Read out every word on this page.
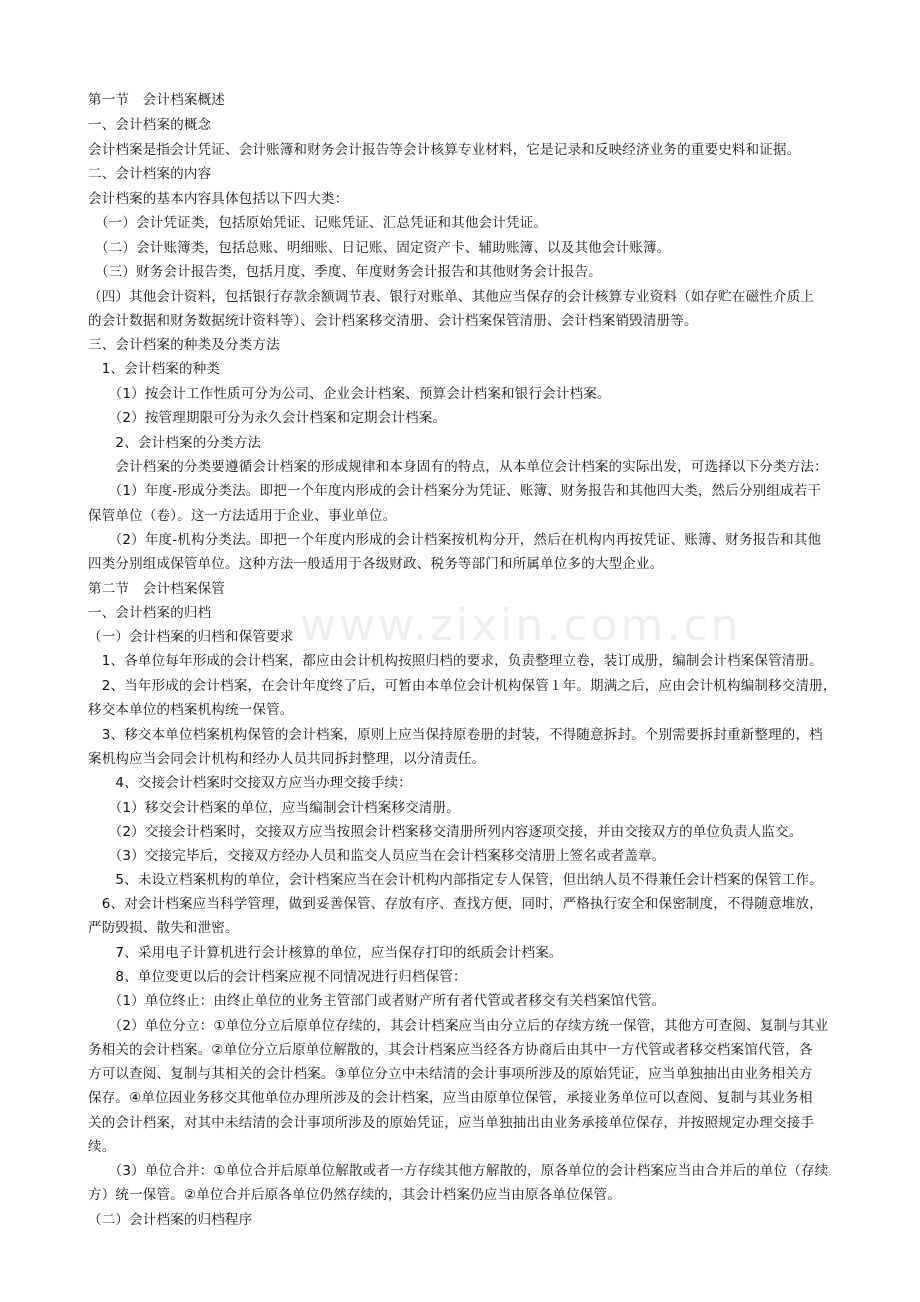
www.zixin.com.cn
第一节　会计档案概述
一、会计档案的概念
会计档案是指会计凭证、会计账簿和财务会计报告等会计核算专业材料，它是记录和反映经济业务的重要史料和证据。
二、会计档案的内容
会计档案的基本内容具体包括以下四大类：
　（一）会计凭证类，包括原始凭证、记账凭证、汇总凭证和其他会计凭证。
　（二）会计账簿类，包括总账、明细账、日记账、固定资产卡、辅助账簿、以及其他会计账簿。
　（三）财务会计报告类，包括月度、季度、年度财务会计报告和其他财务会计报告。
（四）其他会计资料，包括银行存款余额调节表、银行对账单、其他应当保存的会计核算专业资料（如存贮在磁性介质上
的会计数据和财务数据统计资料等）、会计档案移交清册、会计档案保管清册、会计档案销毁清册等。
三、会计档案的种类及分类方法
　1、会计档案的种类
　　（1）按会计工作性质可分为公司、企业会计档案、预算会计档案和银行会计档案。
　　（2）按管理期限可分为永久会计档案和定期会计档案。
　　2、会计档案的分类方法
　　会计档案的分类要遵循会计档案的形成规律和本身固有的特点，从本单位会计档案的实际出发，可选择以下分类方法：
　　（1）年度-形成分类法。即把一个年度内形成的会计档案分为凭证、账簿、财务报告和其他四大类，然后分别组成若干
保管单位（卷）。这一方法适用于企业、事业单位。
　　（2）年度-机构分类法。即把一个年度内形成的会计档案按机构分开，然后在机构内再按凭证、账簿、财务报告和其他
四类分别组成保管单位。这种方法一般适用于各级财政、税务等部门和所属单位多的大型企业。
第二节　会计档案保管
一、会计档案的归档
（一）会计档案的归档和保管要求
　1、各单位每年形成的会计档案，都应由会计机构按照归档的要求，负责整理立卷，装订成册，编制会计档案保管清册。
　2、当年形成的会计档案，在会计年度终了后，可暂由本单位会计机构保管１年。期满之后，应由会计机构编制移交清册，
移交本单位的档案机构统一保管。
　3、移交本单位档案机构保管的会计档案，原则上应当保持原卷册的封装，不得随意拆封。个别需要拆封重新整理的，档
案机构应当会同会计机构和经办人员共同拆封整理，以分清责任。
　　4、交接会计档案时交接双方应当办理交接手续：
　　（1）移交会计档案的单位，应当编制会计档案移交清册。
　　（2）交接会计档案时，交接双方应当按照会计档案移交清册所列内容逐项交接，并由交接双方的单位负责人监交。
　　（3）交接完毕后，交接双方经办人员和监交人员应当在会计档案移交清册上签名或者盖章。
　　5、未设立档案机构的单位，会计档案应当在会计机构内部指定专人保管，但出纳人员不得兼任会计档案的保管工作。
　6、对会计档案应当科学管理，做到妥善保管、存放有序、查找方便，同时，严格执行安全和保密制度，不得随意堆放，
严防毁损、散失和泄密。
　　7、采用电子计算机进行会计核算的单位，应当保存打印的纸质会计档案。
　　8、单位变更以后的会计档案应视不同情况进行归档保管：
　　（1）单位终止：由终止单位的业务主管部门或者财产所有者代管或者移交有关档案馆代管。
　　（2）单位分立：①单位分立后原单位存续的，其会计档案应当由分立后的存续方统一保管，其他方可查阅、复制与其业
务相关的会计档案。②单位分立后原单位解散的，其会计档案应当经各方协商后由其中一方代管或者移交档案馆代管，各
方可以查阅、复制与其相关的会计档案。③单位分立中未结清的会计事项所涉及的原始凭证，应当单独抽出由业务相关方
保存。④单位因业务移交其他单位办理所涉及的会计档案，应当由原单位保管，承接业务单位可以查阅、复制与其业务相
关的会计档案，对其中未结清的会计事项所涉及的原始凭证，应当单独抽出由业务承接单位保存，并按照规定办理交接手
续。
　　（3）单位合并：①单位合并后原单位解散或者一方存续其他方解散的，原各单位的会计档案应当由合并后的单位（存续
方）统一保管。②单位合并后原各单位仍然存续的，其会计档案仍应当由原各单位保管。
（二）会计档案的归档程序
